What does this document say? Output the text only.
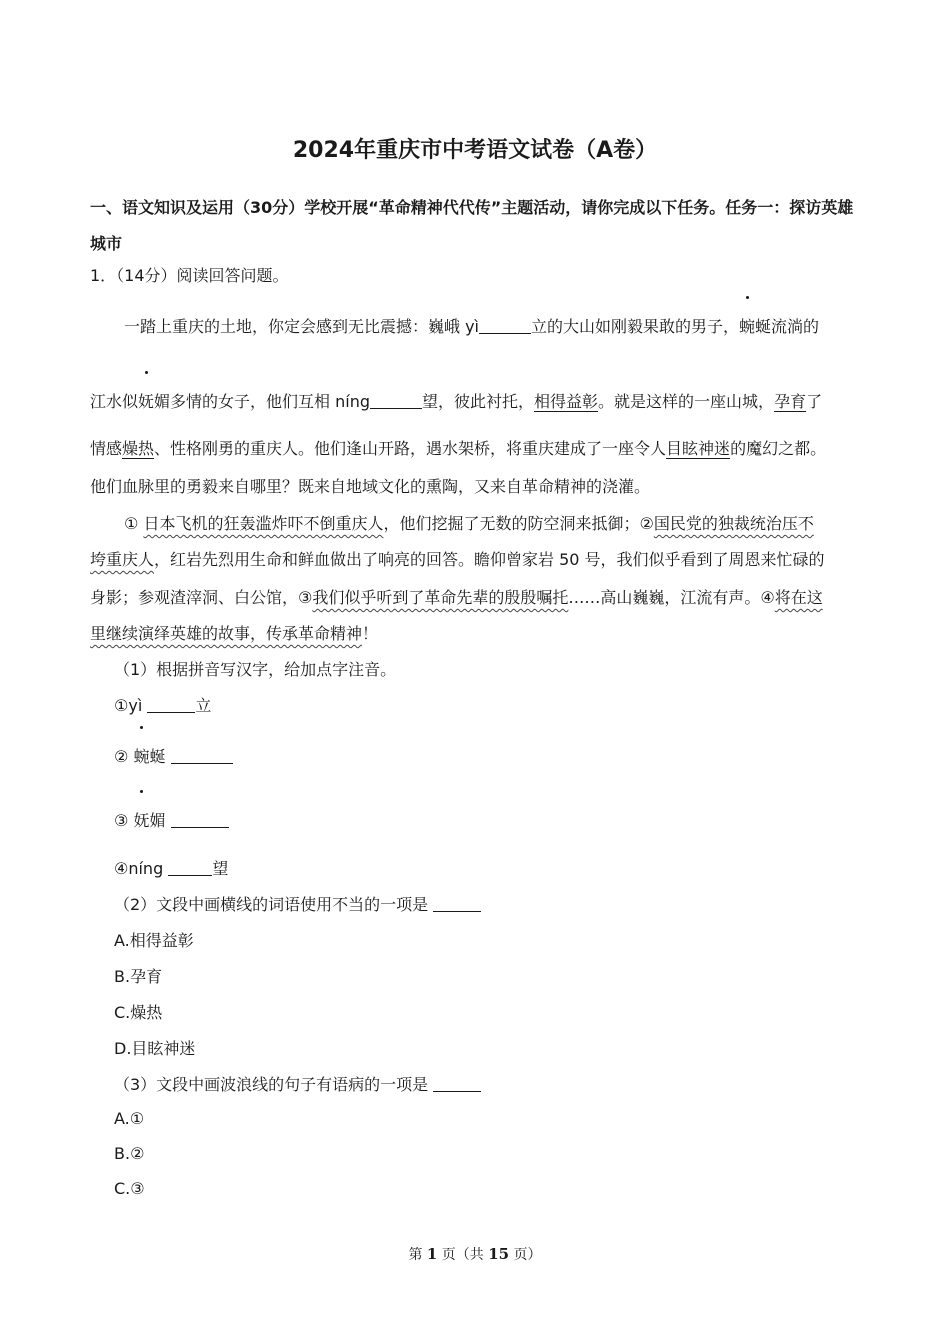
2024年重庆市中考语文试卷（A卷）
一、语文知识及运用（30分）学校开展“革命精神代代传”主题活动，请你完成以下任务。任务一：探访英雄城市
1．（14分）阅读回答问题。
一踏上重庆的土地，你定会感到无比震撼：巍峨 yì	立的大山如刚毅果敢的男子，蜿蜒流淌的
江水似妩媚多情的女子，他们互相 níng	望，彼此衬托，相得益彰。就是这样的一座山城，孕育了
情感燥热、性格刚勇的重庆人。他们逢山开路，遇水架桥，将重庆建成了一座令人目眩神迷的魔幻之都。
他们血脉里的勇毅来自哪里？既来自地域文化的熏陶，又来自革命精神的浇灌。
① 日本飞机的狂轰滥炸吓不倒重庆人，他们挖掘了无数的防空洞来抵御；②国民党的独裁统治压不
垮重庆人，红岩先烈用生命和鲜血做出了响亮的回答。瞻仰曾家岩 50 号，我们似乎看到了周恩来忙碌的
身影；参观渣滓洞、白公馆，③我们似乎听到了革命先辈的殷殷嘱托……高山巍巍，江流有声。④将在这
里继续演绎英雄的故事，传承革命精神！
（1）根据拼音写汉字，给加点字注音。
①yì	立
② 蜿蜒
③ 妩媚
④níng	望
（2）文段中画横线的词语使用不当的一项是
A.相得益彰
B.孕育
C.燥热
D.目眩神迷
（3）文段中画波浪线的句子有语病的一项是
A.①
B.②
C.③
第 1 页（共 15 页）
